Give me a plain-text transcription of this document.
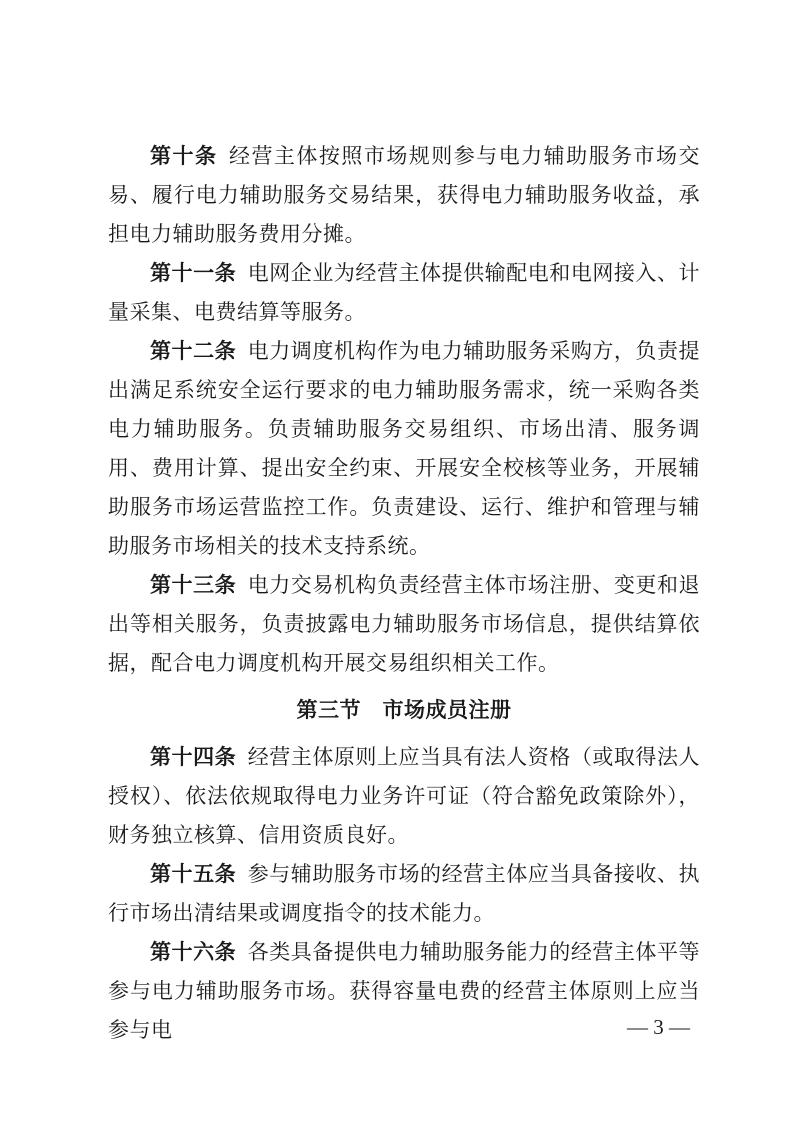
第十条 经营主体按照市场规则参与电力辅助服务市场交易、履行电力辅助服务交易结果，获得电力辅助服务收益，承担电力辅助服务费用分摊。

第十一条 电网企业为经营主体提供输配电和电网接入、计量采集、电费结算等服务。

第十二条 电力调度机构作为电力辅助服务采购方，负责提出满足系统安全运行要求的电力辅助服务需求，统一采购各类电力辅助服务。负责辅助服务交易组织、市场出清、服务调用、费用计算、提出安全约束、开展安全校核等业务，开展辅助服务市场运营监控工作。负责建设、运行、维护和管理与辅助服务市场相关的技术支持系统。

第十三条 电力交易机构负责经营主体市场注册、变更和退出等相关服务，负责披露电力辅助服务市场信息，提供结算依据，配合电力调度机构开展交易组织相关工作。

第三节　市场成员注册

第十四条 经营主体原则上应当具有法人资格（或取得法人授权）、依法依规取得电力业务许可证（符合豁免政策除外），财务独立核算、信用资质良好。

第十五条 参与辅助服务市场的经营主体应当具备接收、执行市场出清结果或调度指令的技术能力。

第十六条 各类具备提供电力辅助服务能力的经营主体平等参与电力辅助服务市场。获得容量电费的经营主体原则上应当参与电	— 3 —
